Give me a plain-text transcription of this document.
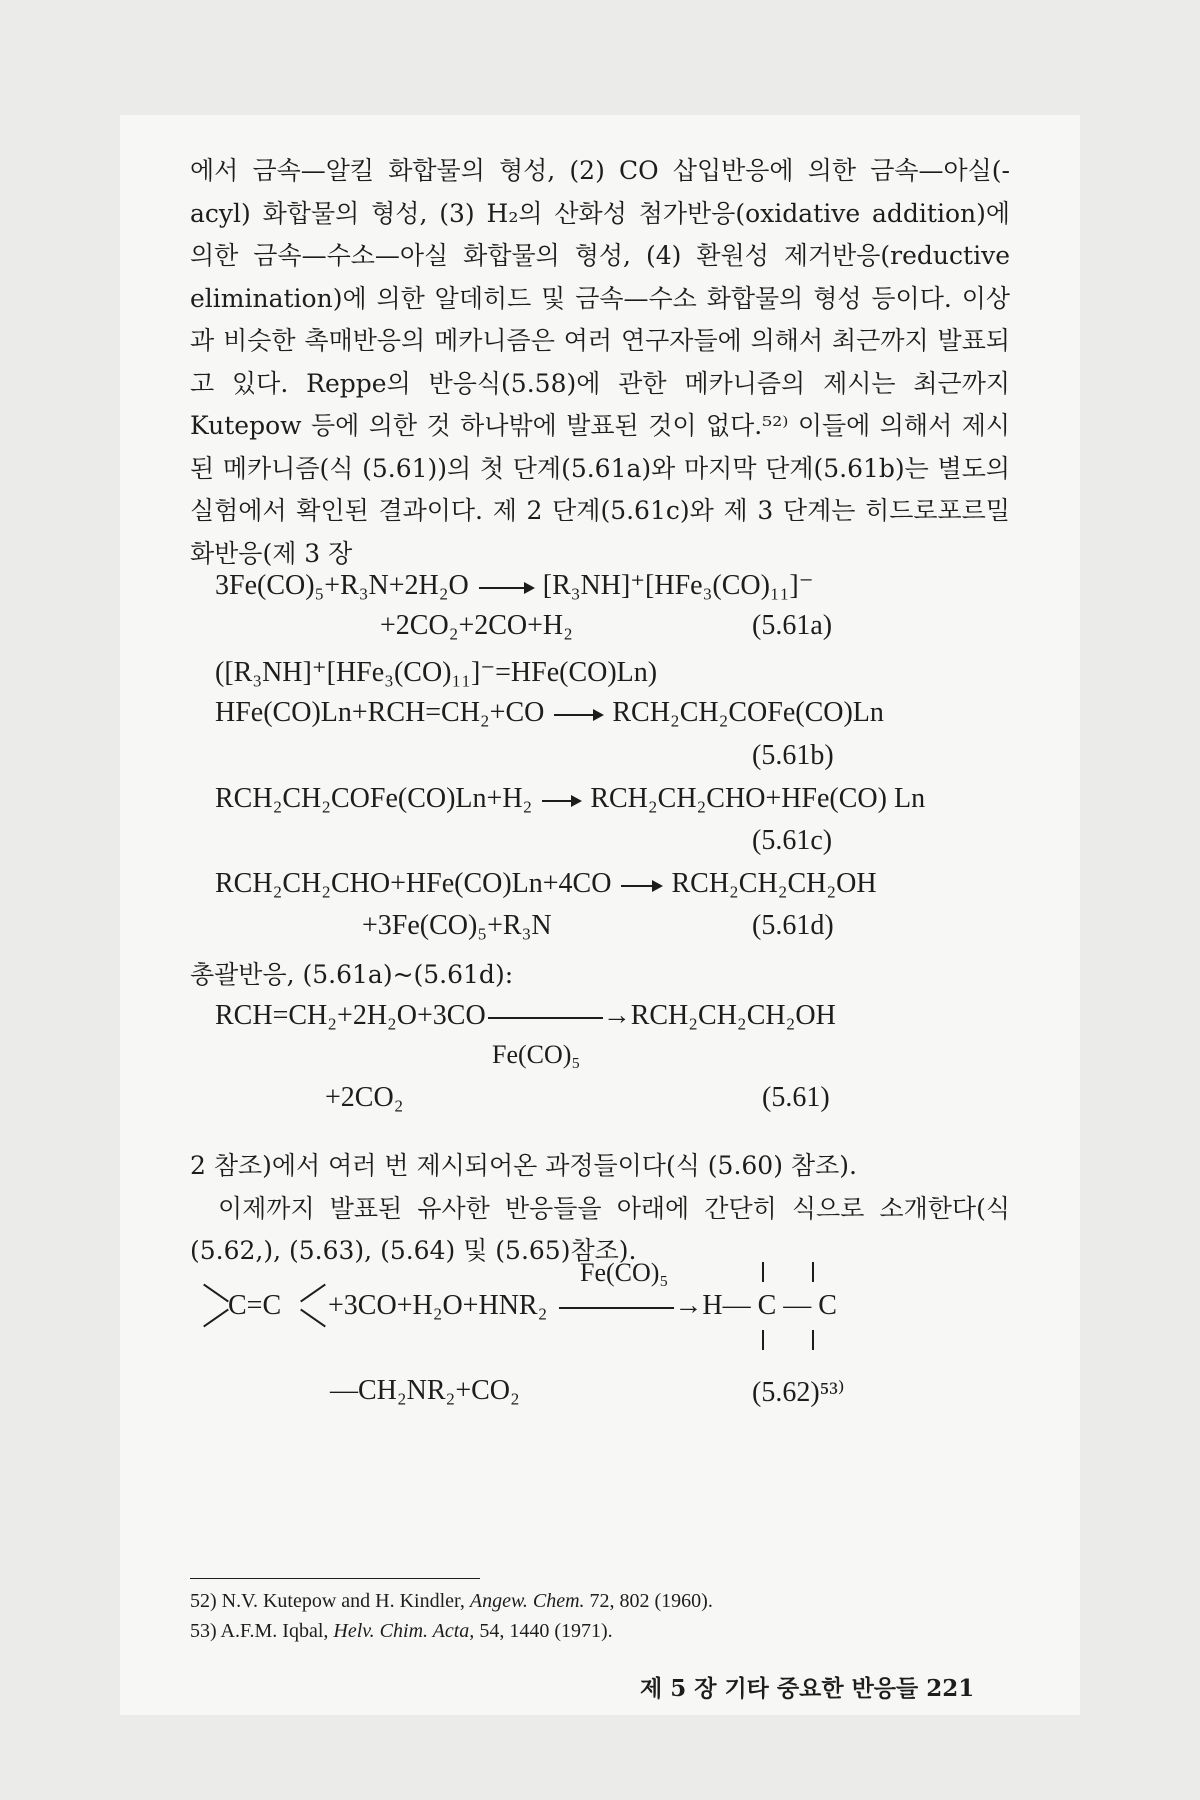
에서 금속—알킬 화합물의 형성, (2) CO 삽입반응에 의한 금속—아실(-acyl) 화합물의 형성, (3) H₂의 산화성 첨가반응(oxidative addition)에 의한 금속—수소—아실 화합물의 형성, (4) 환원성 제거반응(reductive elimination)에 의한 알데히드 및 금속—수소 화합물의 형성 등이다. 이상과 비슷한 촉매반응의 메카니즘은 여러 연구자들에 의해서 최근까지 발표되고 있다. Reppe의 반응식(5.58)에 관한 메카니즘의 제시는 최근까지 Kutepow 등에 의한 것 하나밖에 발표된 것이 없다.⁵²⁾ 이들에 의해서 제시된 메카니즘(식 (5.61))의 첫 단계(5.61a)와 마지막 단계(5.61b)는 별도의 실험에서 확인된 결과이다. 제 2 단계(5.61c)와 제 3 단계는 히드로포르밀화반응(제 3 장

3Fe(CO)₅+R₃N+2H₂O → [R₃NH]⁺[HFe₃(CO)₁₁]⁻
+2CO₂+2CO+H₂	(5.61a)
([R₃NH]⁺[HFe₃(CO)₁₁]⁻=HFe(CO)Ln)
HFe(CO)Ln+RCH=CH₂+CO → RCH₂CH₂COFe(CO)Ln
(5.61b)
RCH₂CH₂COFe(CO)Ln+H₂ → RCH₂CH₂CHO+HFe(CO) Ln
(5.61c)
RCH₂CH₂CHO+HFe(CO)Ln+4CO → RCH₂CH₂CH₂OH
+3Fe(CO)₅+R₃N	(5.61d)
총괄반응, (5.61a)~(5.61d):
RCH=CH₂+2H₂O+3CO	→RCH₂CH₂CH₂OH
Fe(CO)₅
+2CO₂	(5.61)

2 참조)에서 여러 번 제시되어온 과정들이다(식 (5.60) 참조).

이제까지 발표된 유사한 반응들을 아래에 간단히 식으로 소개한다(식 (5.62,), (5.63), (5.64) 및 (5.65)참조).

Fe(CO)₅
C=C +3CO+H₂O+HNR₂	→H— C — C
—CH₂NR₂+CO₂	(5.62)⁵³⁾
52) N.V. Kutepow and H. Kindler, Angew. Chem. 72, 802 (1960).
53) A.F.M. Iqbal, Helv. Chim. Acta, 54, 1440 (1971).
제 5 장 기타 중요한 반응들 221
